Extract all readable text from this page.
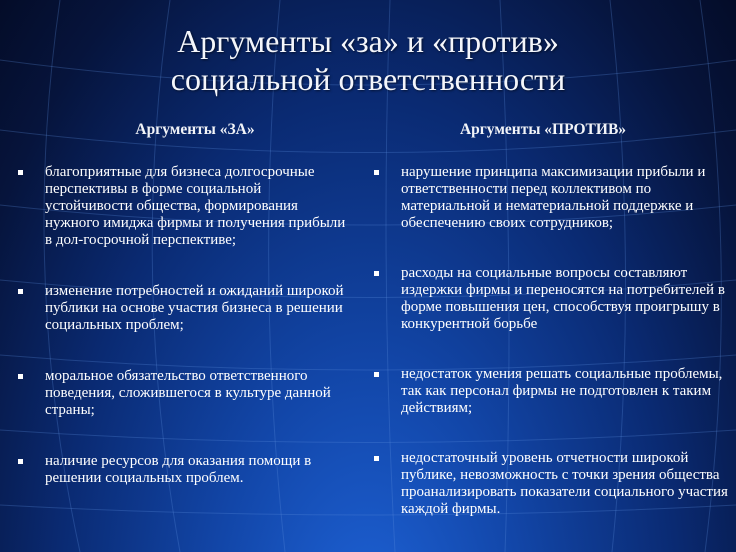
Аргументы «за» и «против»
социальной ответственности
Аргументы «ЗА»	Аргументы «ПРОТИВ»
благоприятные для бизнеса долгосрочные перспективы в форме социальной устойчивости общества, формирования нужного имиджа фирмы и получения прибыли в дол-госрочной перспективе;
изменение потребностей и ожиданий широкой публики на основе участия бизнеса в решении социальных проблем;
моральное обязательство ответственного поведения, сложившегося в культуре данной страны;
наличие ресурсов для оказания помощи в решении социальных проблем.
нарушение принципа максимизации прибыли и ответственности перед коллективом по материальной и нематериальной поддержке и обеспечению своих сотрудников;
расходы на социальные вопросы составляют издержки фирмы и переносятся на потребителей в форме повышения цен, способствуя проигрышу в конкурентной борьбе
недостаток умения решать социальные проблемы, так как персонал фирмы не подготовлен к таким действиям;
недостаточный уровень отчетности широкой публике, невозможность с точки зрения общества проанализировать показатели социального участия каждой фирмы.
